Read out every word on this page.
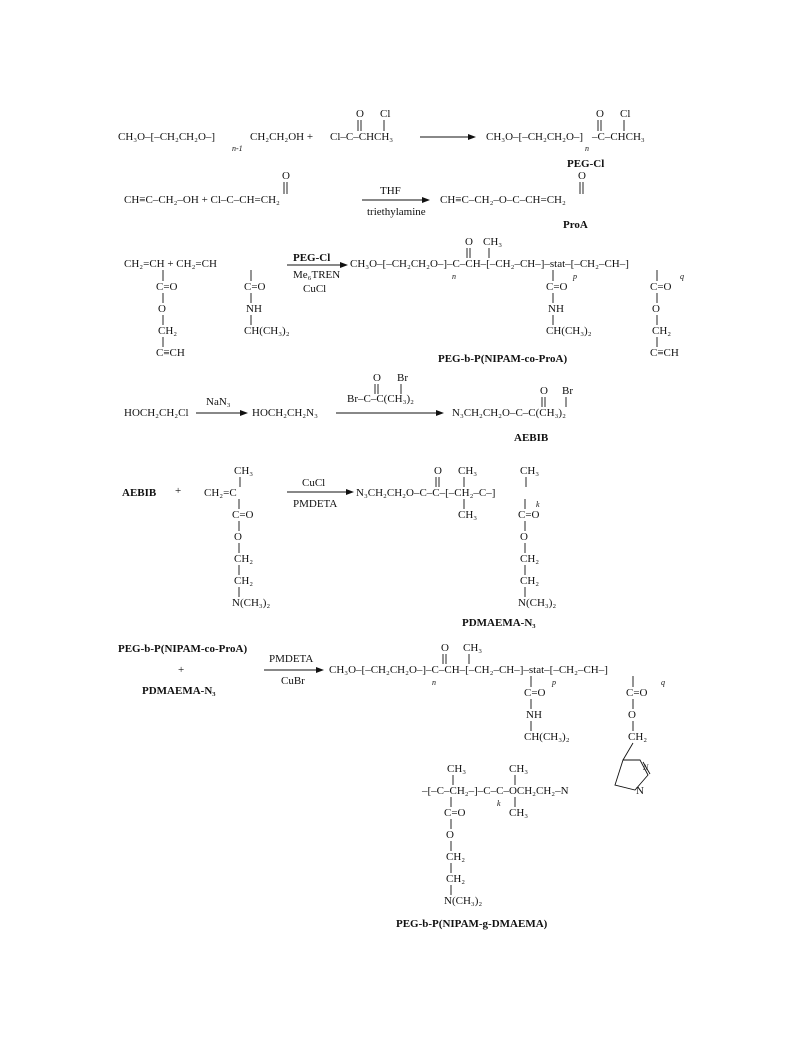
CH₃O–[–CH₂CH₂O–]
n-1
CH₂CH₂OH +
O Cl
Cl–C–CHCH₃	CH₃O–[–CH₂CH₂O–]
n
–C–CHCH₃
O Cl
PEG-Cl
CH≡C–CH₂–OH + Cl–C–CH=CH₂
O
THF
triethylamine
CH≡C–CH₂–O–C–CH=CH₂
O
ProA
CH₂=CH + CH₂=CH
C=O
O
CH₂
C≡CH
C=O
NH
CH(CH₃)₂
Me₆TREN
CuCl
CH₃O–[–CH₂CH₂O–]–C–CH–[–CH₂–CH–]–stat–[–CH₂–CH–]
n	p	q
O CH₃
C=O
NH
CH(CH₃)₂
C=O
O
CH₂
C≡CH
PEG-Cl
PEG-b-P(NIPAM-co-ProA)
HOCH₂CH₂Cl
NaN₃
HOCH₂CH₂N₃
Br–C–C(CH₃)₂
O Br
N₃CH₂CH₂O–C–C(CH₃)₂
O Br
AEBIB
+ CH₂=C
CH₃
C=O
O
CH₂
CH₂
N(CH₃)₂
CuCl
PMDETA
N₃CH₂CH₂O–C–C–[–CH₂–C–]
k
O CH₃
CH₃
CH₃
C=O
O
CH₂
CH₂
N(CH₃)₂
AEBIB
PDMAEMA-N₃
+
PMDETA
CuBr
CH₃O–[–CH₂CH₂O–]–C–CH–[–CH₂–CH–]–stat–[–CH₂–CH–]
n	p	q
O CH₃
C=O
NH
CH(CH₃)₂
C=O
O
CH₂
N
N
–[–C–CH₂–]–C–C–OCH₂CH₂–N
k
CH₃	CH₃
CH₃
C=O
O
CH₂
CH₂
N(CH₃)₂
PEG-b-P(NIPAM-co-ProA)
PDMAEMA-N₃
PEG-b-P(NIPAM-g-DMAEMA)
